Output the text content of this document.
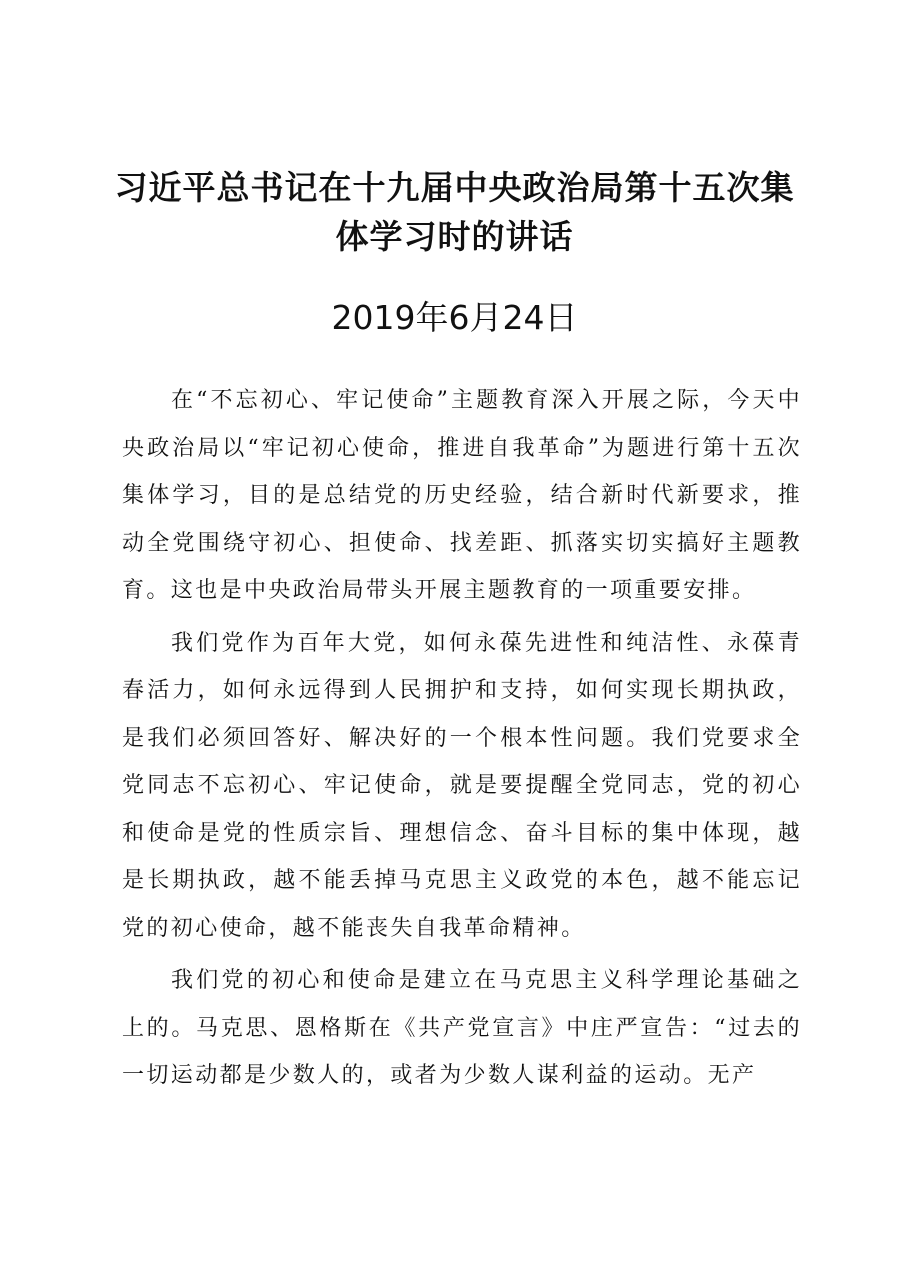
习近平总书记在十九届中央政治局第十五次集体学习时的讲话
2019年6月24日

在“不忘初心、牢记使命”主题教育深入开展之际，今天中央政治局以“牢记初心使命，推进自我革命”为题进行第十五次集体学习，目的是总结党的历史经验，结合新时代新要求，推动全党围绕守初心、担使命、找差距、抓落实切实搞好主题教育。这也是中央政治局带头开展主题教育的一项重要安排。

我们党作为百年大党，如何永葆先进性和纯洁性、永葆青春活力，如何永远得到人民拥护和支持，如何实现长期执政，是我们必须回答好、解决好的一个根本性问题。我们党要求全党同志不忘初心、牢记使命，就是要提醒全党同志，党的初心和使命是党的性质宗旨、理想信念、奋斗目标的集中体现，越是长期执政，越不能丢掉马克思主义政党的本色，越不能忘记党的初心使命，越不能丧失自我革命精神。

我们党的初心和使命是建立在马克思主义科学理论基础之上的。马克思、恩格斯在《共产党宣言》中庄严宣告：“过去的一切运动都是少数人的，或者为少数人谋利益的运动。无产
